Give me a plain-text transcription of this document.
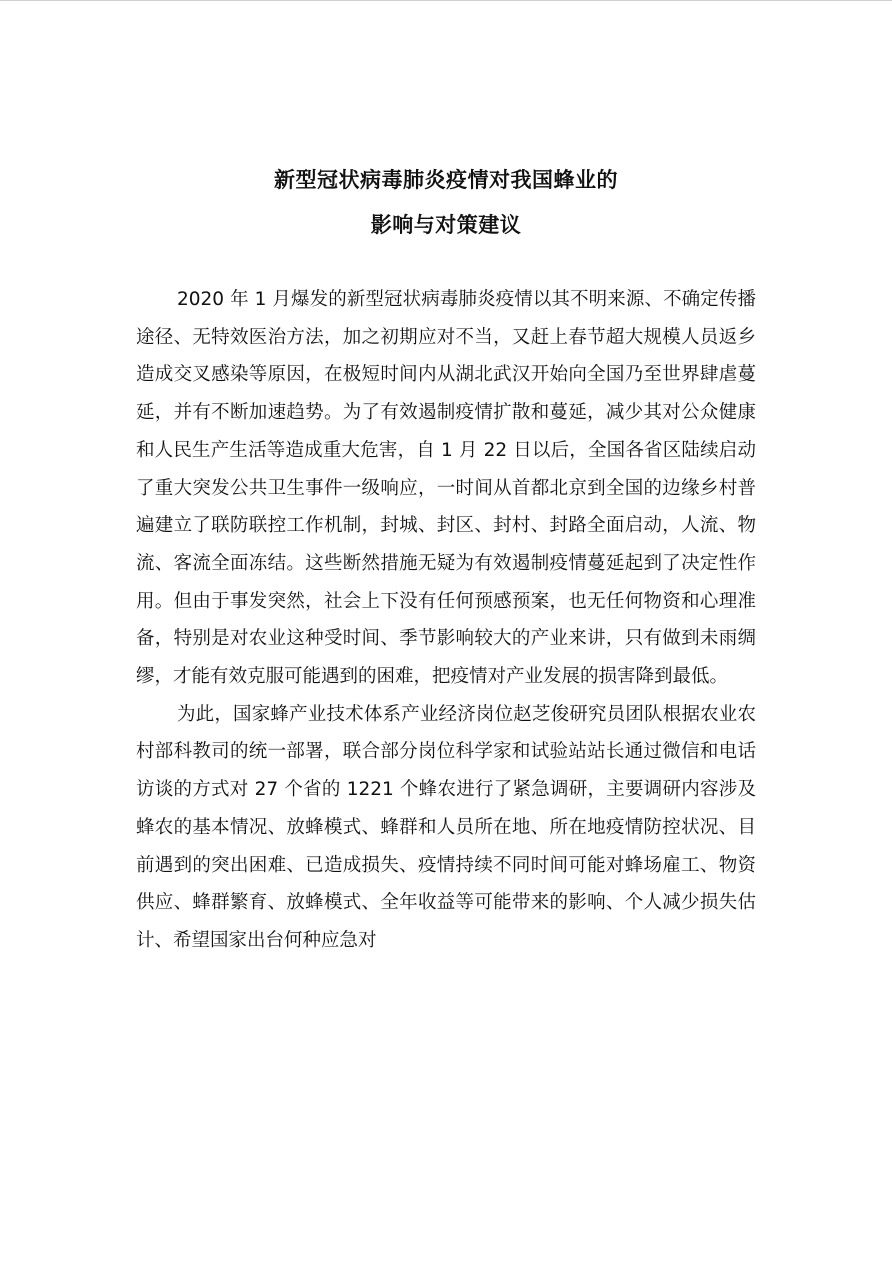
新型冠状病毒肺炎疫情对我国蜂业的
影响与对策建议

2020 年 1 月爆发的新型冠状病毒肺炎疫情以其不明来源、不确定传播途径、无特效医治方法，加之初期应对不当，又赶上春节超大规模人员返乡造成交叉感染等原因，在极短时间内从湖北武汉开始向全国乃至世界肆虐蔓延，并有不断加速趋势。为了有效遏制疫情扩散和蔓延，减少其对公众健康和人民生产生活等造成重大危害，自 1 月 22 日以后，全国各省区陆续启动了重大突发公共卫生事件一级响应，一时间从首都北京到全国的边缘乡村普遍建立了联防联控工作机制，封城、封区、封村、封路全面启动，人流、物流、客流全面冻结。这些断然措施无疑为有效遏制疫情蔓延起到了决定性作用。但由于事发突然，社会上下没有任何预感预案，也无任何物资和心理准备，特别是对农业这种受时间、季节影响较大的产业来讲，只有做到未雨绸缪，才能有效克服可能遇到的困难，把疫情对产业发展的损害降到最低。

为此，国家蜂产业技术体系产业经济岗位赵芝俊研究员团队根据农业农村部科教司的统一部署，联合部分岗位科学家和试验站站长通过微信和电话访谈的方式对 27 个省的 1221 个蜂农进行了紧急调研，主要调研内容涉及蜂农的基本情况、放蜂模式、蜂群和人员所在地、所在地疫情防控状况、目前遇到的突出困难、已造成损失、疫情持续不同时间可能对蜂场雇工、物资供应、蜂群繁育、放蜂模式、全年收益等可能带来的影响、个人减少损失估计、希望国家出台何种应急对
